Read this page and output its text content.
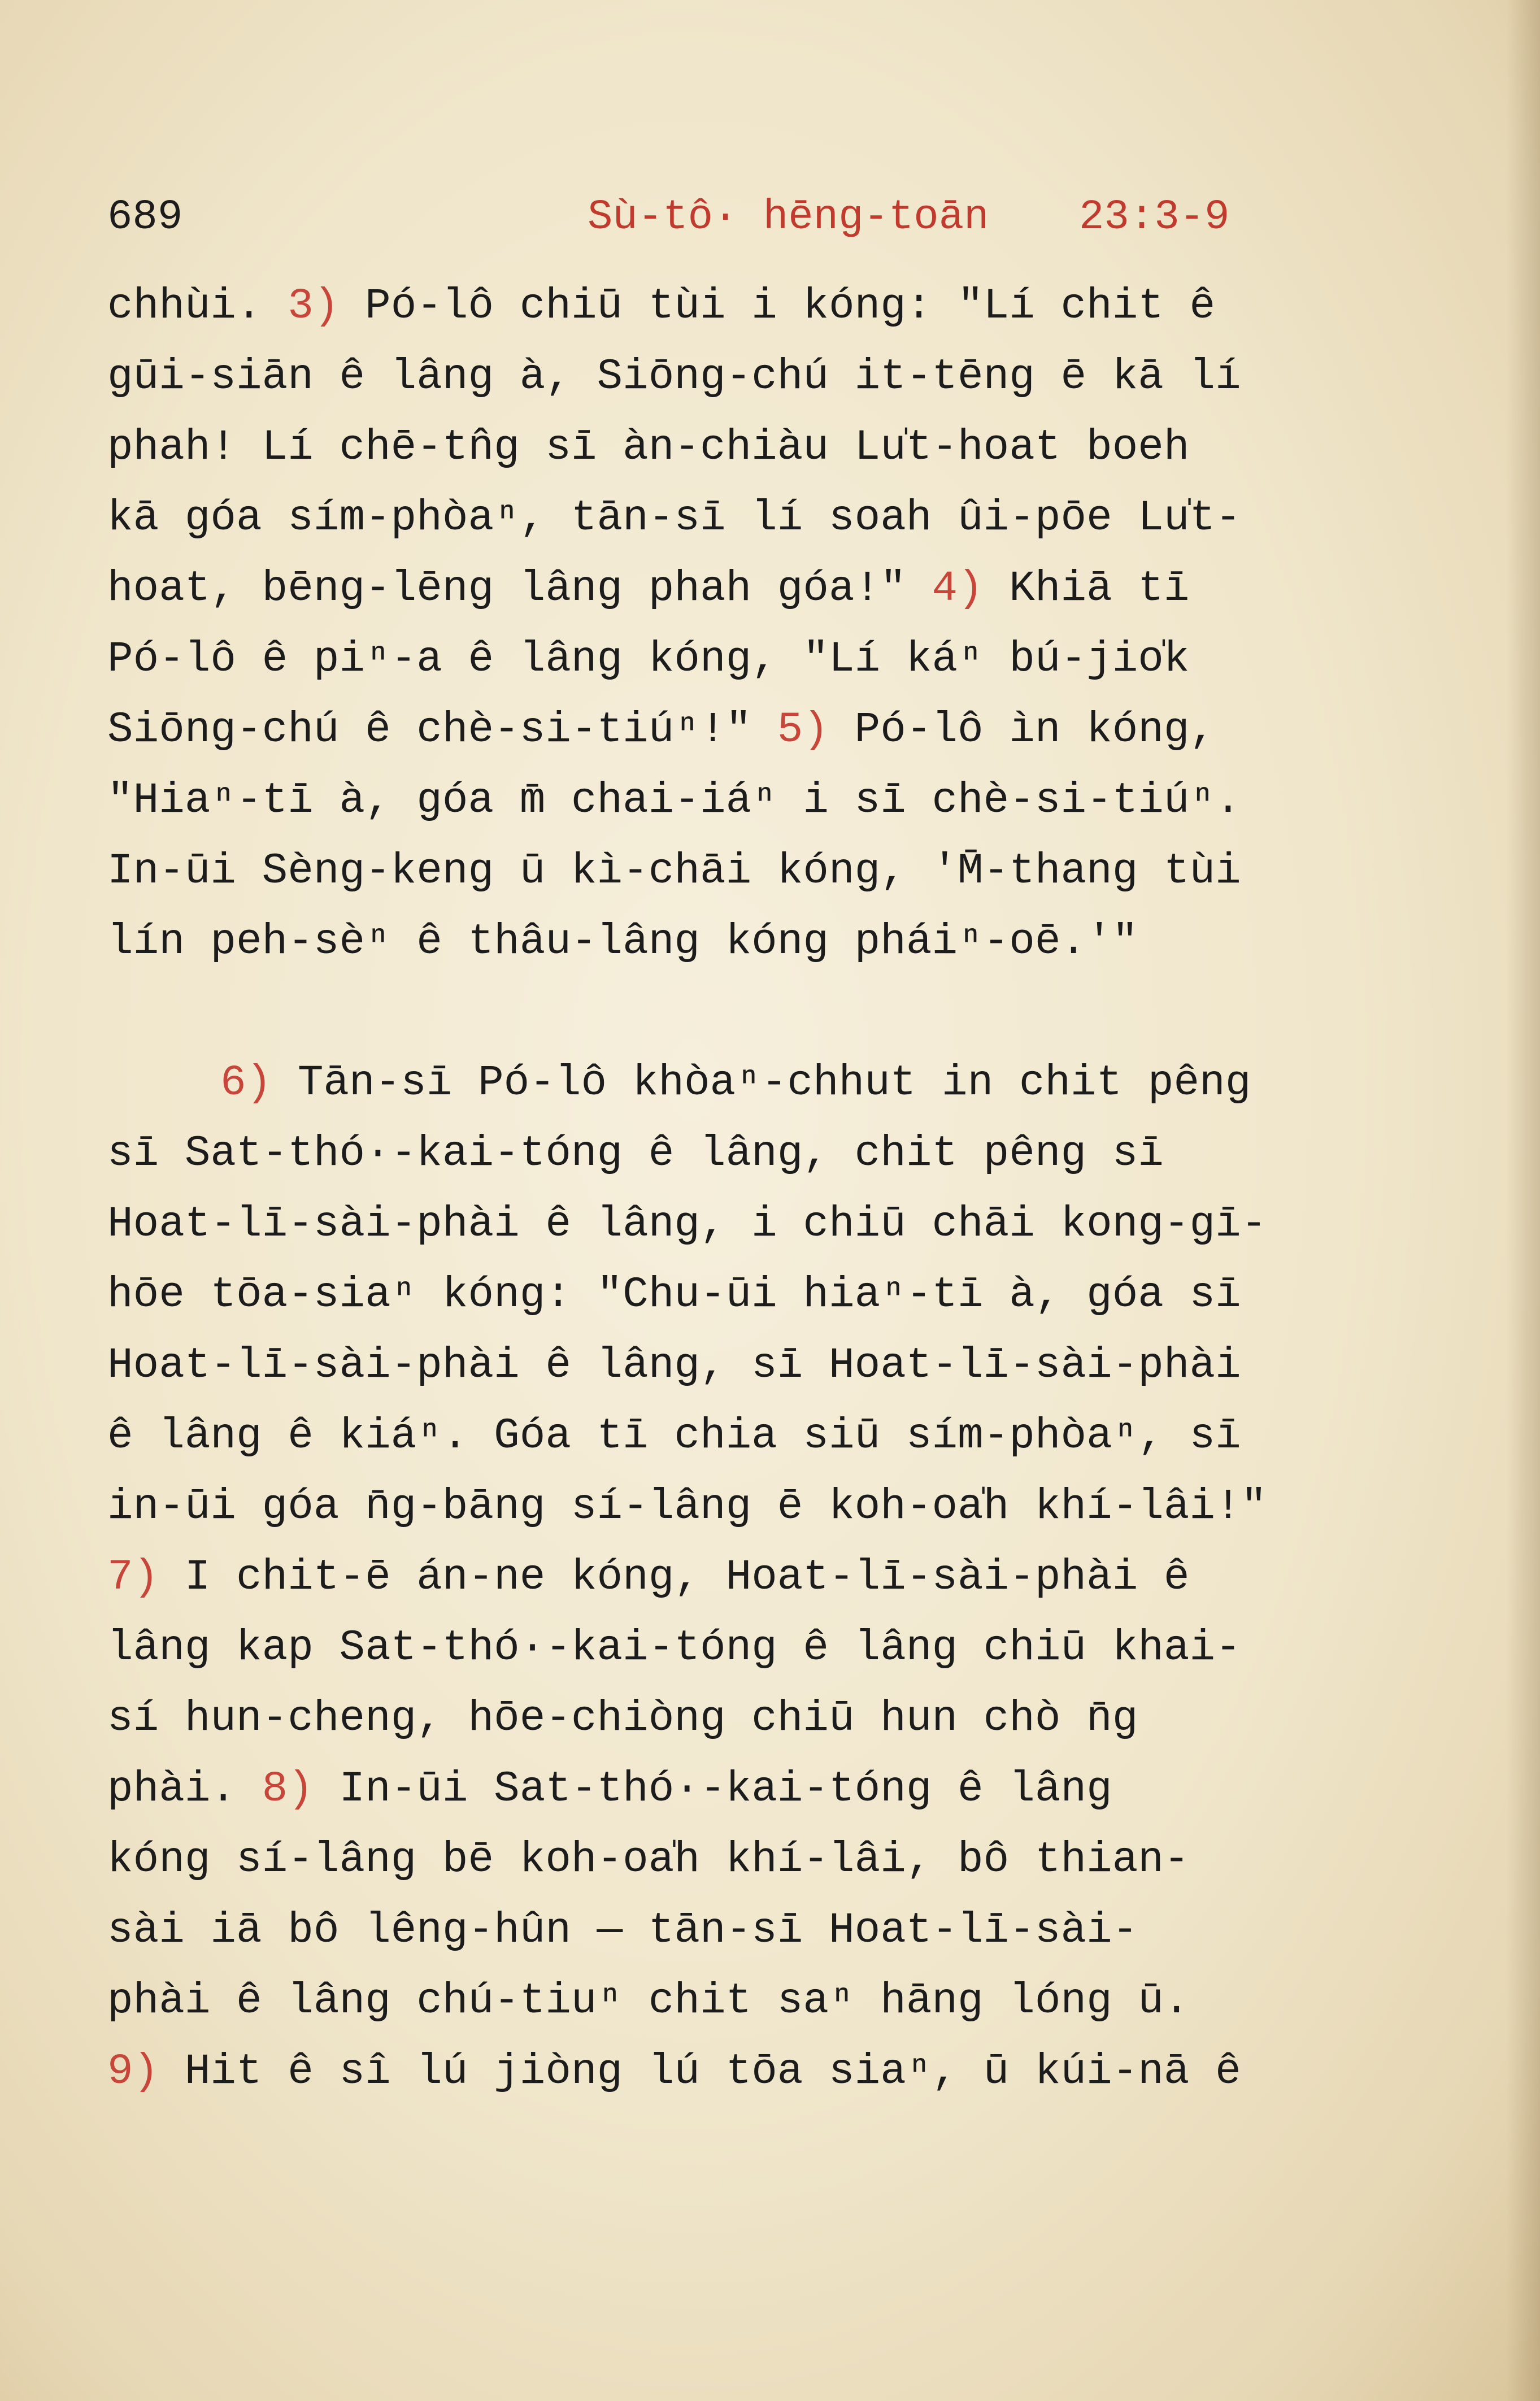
689	Sù-tô· hēng-toān 23:3-9
chhùi. 3) Pó-lô chiū tùi i kóng: "Lí chit ê
gūi-siān ê lâng à, Siōng-chú it-tēng ē kā lí
phah! Lí chē-tn̂g sī àn-chiàu Lu̍t-hoat boeh
kā góa sím-phòaⁿ, tān-sī lí soah ûi-pōe Lu̍t-
hoat, bēng-lēng lâng phah góa!" 4) Khiā tī
Pó-lô ê piⁿ-a ê lâng kóng, "Lí káⁿ bú-jio̍k
Siōng-chú ê chè-si-tiúⁿ!" 5) Pó-lô ìn kóng,
"Hiaⁿ-tī à, góa m̄ chai-iáⁿ i sī chè-si-tiúⁿ.
In-ūi Sèng-keng ū kì-chāi kóng, 'M̄-thang tùi
lín peh-sèⁿ ê thâu-lâng kóng pháiⁿ-oē.'"
6) Tān-sī Pó-lô khòaⁿ-chhut in chit pêng
sī Sat-thó·-kai-tóng ê lâng, chit pêng sī
Hoat-lī-sài-phài ê lâng, i chiū chāi kong-gī-
hōe tōa-siaⁿ kóng: "Chu-ūi hiaⁿ-tī à, góa sī
Hoat-lī-sài-phài ê lâng, sī Hoat-lī-sài-phài
ê lâng ê kiáⁿ. Góa tī chia siū sím-phòaⁿ, sī
in-ūi góa n̄g-bāng sí-lâng ē koh-oa̍h khí-lâi!"
7) I chit-ē án-ne kóng, Hoat-lī-sài-phài ê
lâng kap Sat-thó·-kai-tóng ê lâng chiū khai-
sí hun-cheng, hōe-chiòng chiū hun chò n̄g
phài. 8) In-ūi Sat-thó·-kai-tóng ê lâng
kóng sí-lâng bē koh-oa̍h khí-lâi, bô thian-
sài iā bô lêng-hûn — tān-sī Hoat-lī-sài-
phài ê lâng chú-tiuⁿ chit saⁿ hāng lóng ū.
9) Hit ê sî lú jiòng lú tōa siaⁿ, ū kúi-nā ê
